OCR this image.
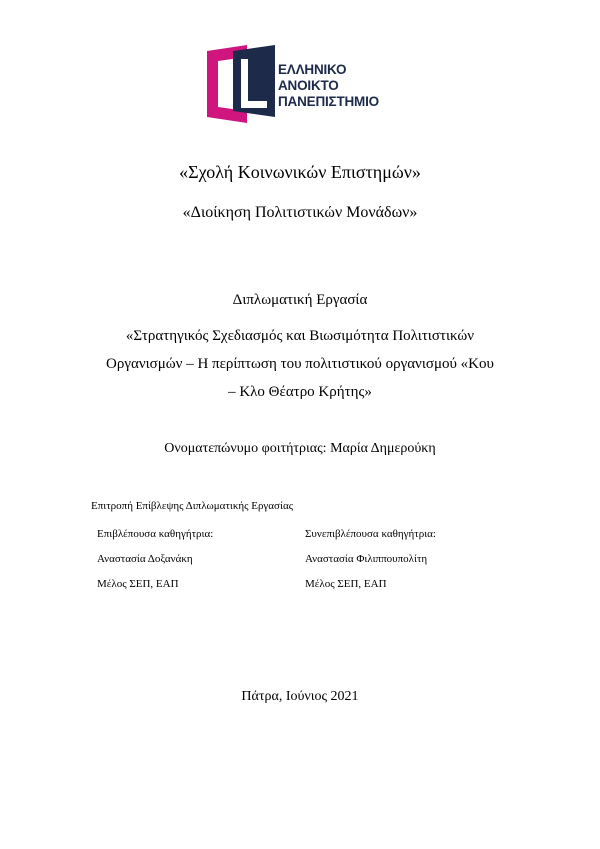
ΕΛΛΗΝΙΚΟ
ΑΝΟΙΚΤΟ
ΠΑΝΕΠΙΣΤΗΜΙΟ
«Σχολή Κοινωνικών Επιστημών»
«Διοίκηση Πολιτιστικών Μονάδων»
Διπλωματική Εργασία
«Στρατηγικός Σχεδιασμός και Βιωσιμότητα Πολιτιστικών
Οργανισμών – Η περίπτωση του πολιτιστικού οργανισμού «Κου
– Κλο Θέατρο Κρήτης»
Ονοματεπώνυμο φοιτήτριας: Μαρία Δημερούκη
Επιτροπή Επίβλεψης Διπλωματικής Εργασίας
Επιβλέπουσα καθηγήτρια:
Αναστασία Δοξανάκη
Μέλος ΣΕΠ, ΕΑΠ
Συνεπιβλέπουσα καθηγήτρια:
Αναστασία Φιλιππουπολίτη
Μέλος ΣΕΠ, ΕΑΠ
Πάτρα, Ιούνιος 2021
